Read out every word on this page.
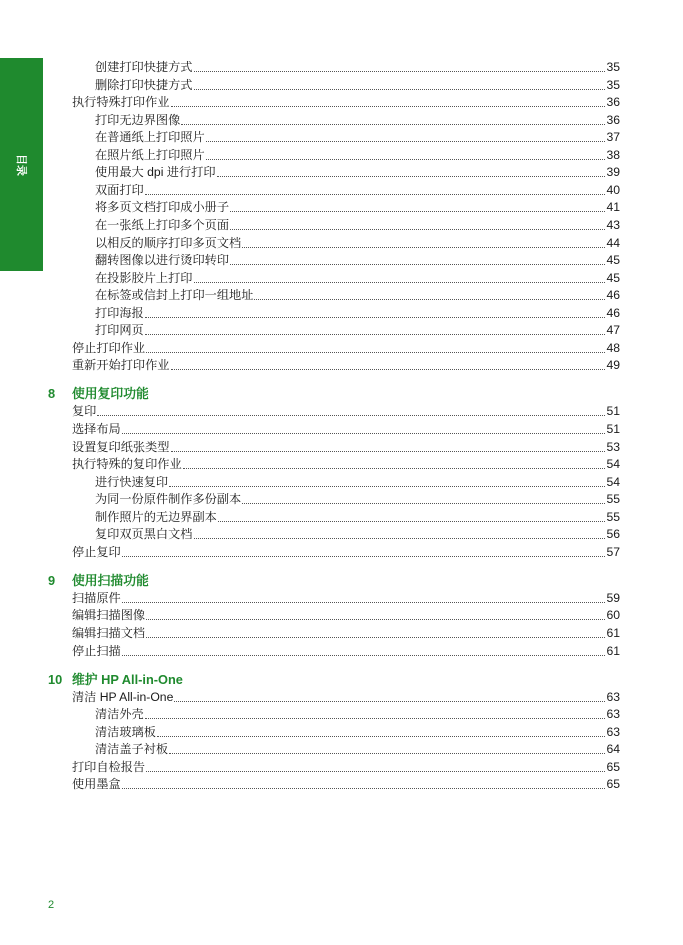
目录
创建打印快捷方式	35
删除打印快捷方式	35
执行特殊打印作业	36
打印无边界图像	36
在普通纸上打印照片	37
在照片纸上打印照片	38
使用最大 dpi 进行打印	39
双面打印	40
将多页文档打印成小册子	41
在一张纸上打印多个页面	43
以相反的顺序打印多页文档	44
翻转图像以进行烫印转印	45
在投影胶片上打印	45
在标签或信封上打印一组地址	46
打印海报	46
打印网页	47
停止打印作业	48
重新开始打印作业	49
8 使用复印功能
复印	51
选择布局	51
设置复印纸张类型	53
执行特殊的复印作业	54
进行快速复印	54
为同一份原件制作多份副本	55
制作照片的无边界副本	55
复印双页黑白文档	56
停止复印	57
9 使用扫描功能
扫描原件	59
编辑扫描图像	60
编辑扫描文档	61
停止扫描	61
10 维护 HP All-in-One
清洁 HP All-in-One	63
清洁外壳	63
清洁玻璃板	63
清洁盖子衬板	64
打印自检报告	65
使用墨盒	65
2
